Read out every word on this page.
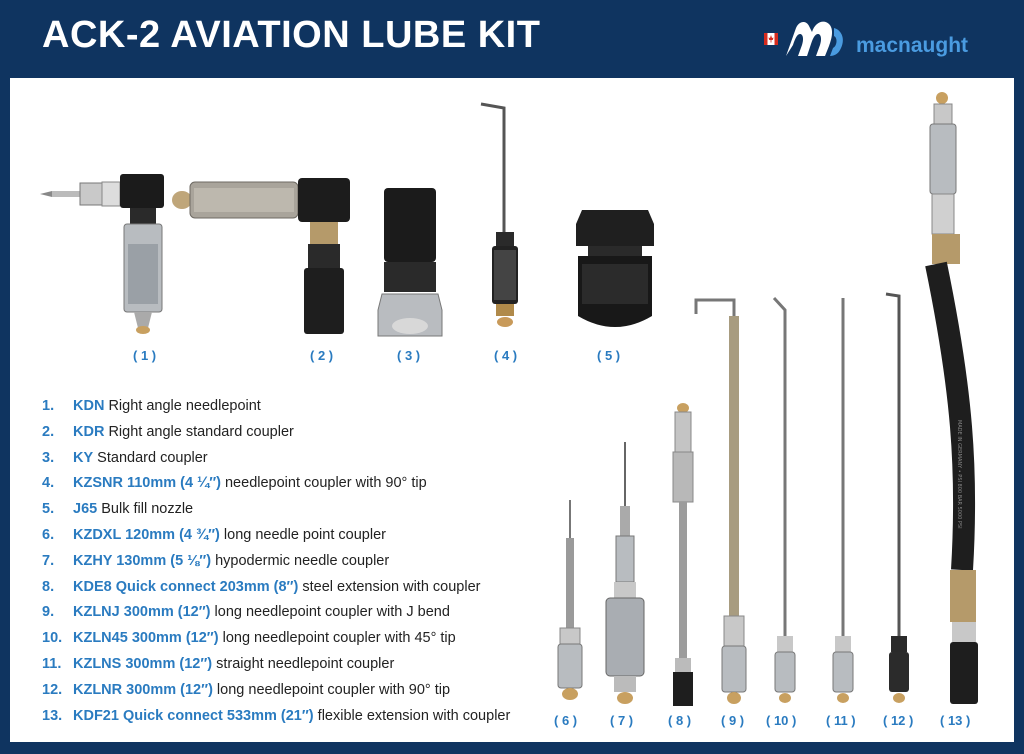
ACK-2 AVIATION LUBE KIT	macnaught
( 1 )	( 2 )	( 3 )	( 4 )	( 5 )
( 6 )	( 7 )	( 8 ) ( 9 ) ( 10 ) ( 11 ) ( 12 )
MADE IN GERMANY • PSI 800 BAR 5000 PSI
( 13 )
1. KDN Right angle needlepoint
2. KDR Right angle standard coupler
3. KY Standard coupler
4. KZSNR 110mm (4 ¼″) needlepoint coupler with 90° tip
5. J65 Bulk fill nozzle
6. KZDXL 120mm (4 ¾″) long needle point coupler
7. KZHY 130mm (5 ⅛″) hypodermic needle coupler
8. KDE8 Quick connect 203mm (8″) steel extension with coupler
9. KZLNJ 300mm (12″) long needlepoint coupler with J bend
10. KZLN45 300mm (12″) long needlepoint coupler with 45° tip
11. KZLNS 300mm (12″) straight needlepoint coupler
12. KZLNR 300mm (12″) long needlepoint coupler with 90° tip
13. KDF21 Quick connect 533mm (21″) flexible extension with coupler
